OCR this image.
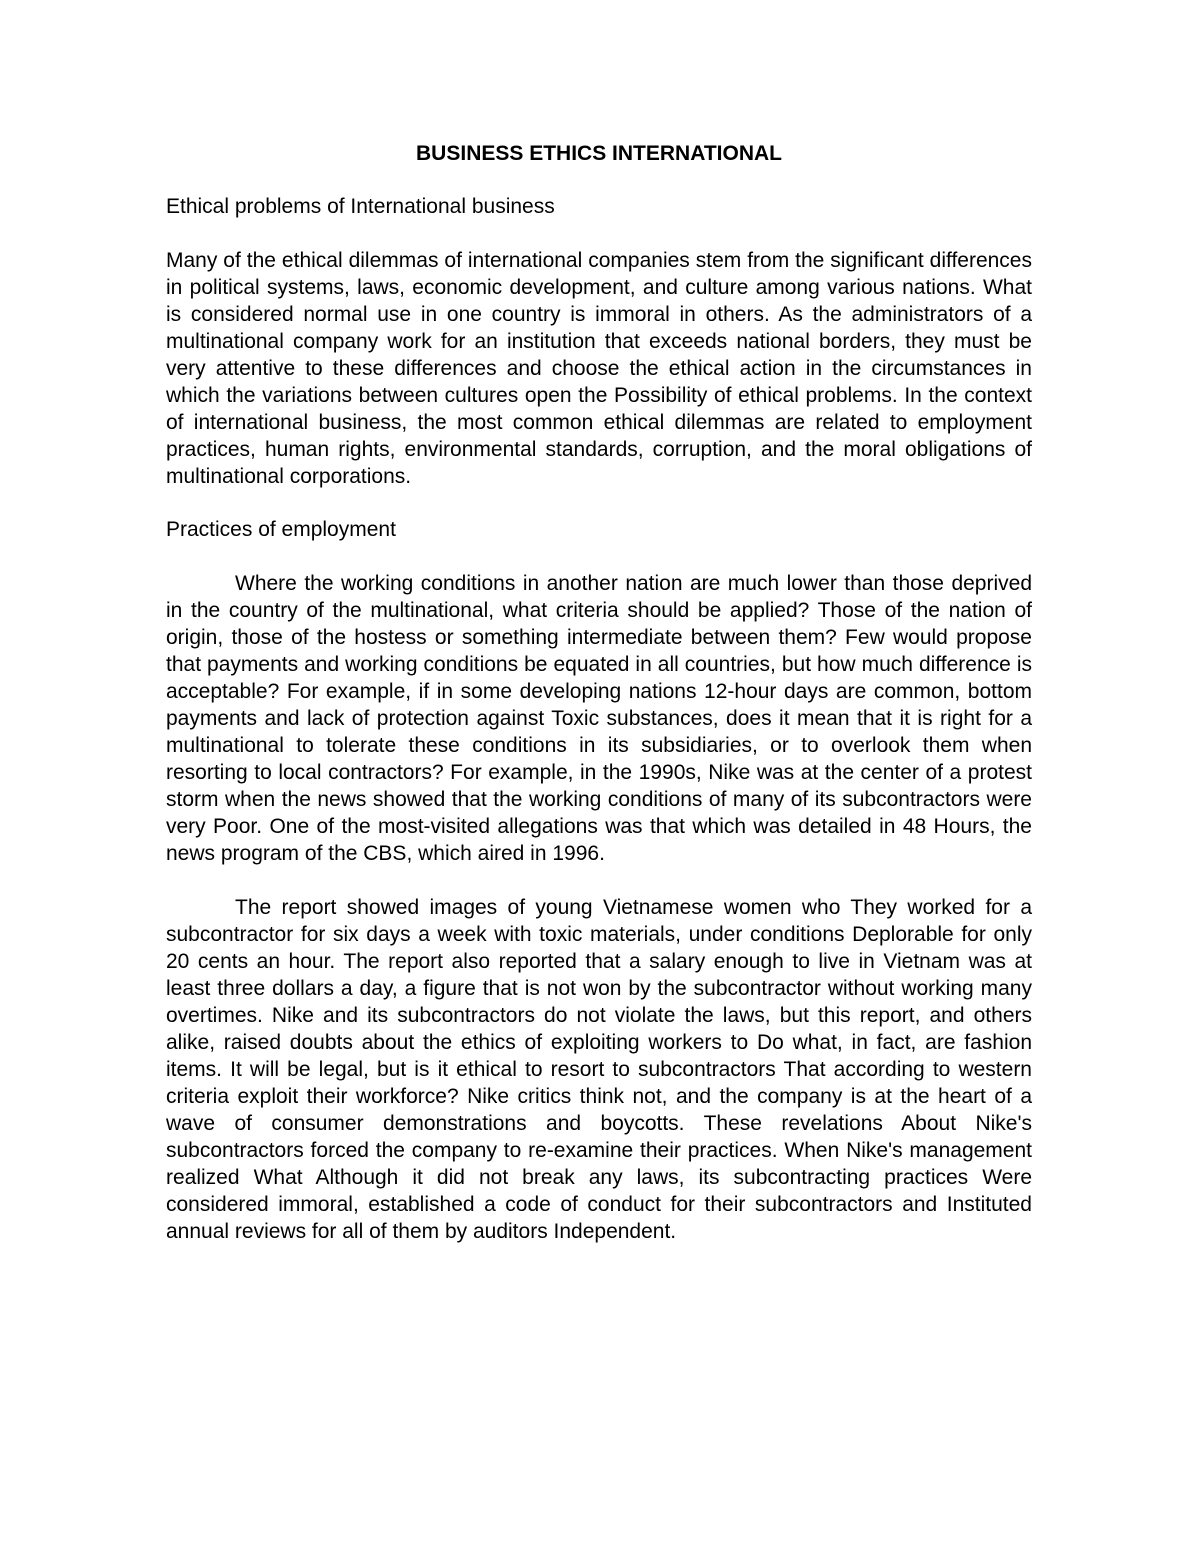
BUSINESS ETHICS INTERNATIONAL

Ethical problems of International business

Many of the ethical dilemmas of international companies stem from the significant differences in political systems, laws, economic development, and culture among various nations. What is considered normal use in one country is immoral in others. As the administrators of a multinational company work for an institution that exceeds national borders, they must be very attentive to these differences and choose the ethical action in the circumstances in which the variations between cultures open the Possibility of ethical problems. In the context of international business, the most common ethical dilemmas are related to employment practices, human rights, environmental standards, corruption, and the moral obligations of multinational corporations.

Practices of employment

Where the working conditions in another nation are much lower than those deprived in the country of the multinational, what criteria should be applied? Those of the nation of origin, those of the hostess or something intermediate between them? Few would propose that payments and working conditions be equated in all countries, but how much difference is acceptable? For example, if in some developing nations 12-hour days are common, bottom payments and lack of protection against Toxic substances, does it mean that it is right for a multinational to tolerate these conditions in its subsidiaries, or to overlook them when resorting to local contractors? For example, in the 1990s, Nike was at the center of a protest storm when the news showed that the working conditions of many of its subcontractors were very Poor. One of the most-visited allegations was that which was detailed in 48 Hours, the news program of the CBS, which aired in 1996.

The report showed images of young Vietnamese women who They worked for a subcontractor for six days a week with toxic materials, under conditions Deplorable for only 20 cents an hour. The report also reported that a salary enough to live in Vietnam was at least three dollars a day, a figure that is not won by the subcontractor without working many overtimes. Nike and its subcontractors do not violate the laws, but this report, and others alike, raised doubts about the ethics of exploiting workers to Do what, in fact, are fashion items. It will be legal, but is it ethical to resort to subcontractors That according to western criteria exploit their workforce? Nike critics think not, and the company is at the heart of a wave of consumer demonstrations and boycotts. These revelations About Nike's subcontractors forced the company to re-examine their practices. When Nike's management realized What Although it did not break any laws, its subcontracting practices Were considered immoral, established a code of conduct for their subcontractors and Instituted annual reviews for all of them by auditors Independent.
